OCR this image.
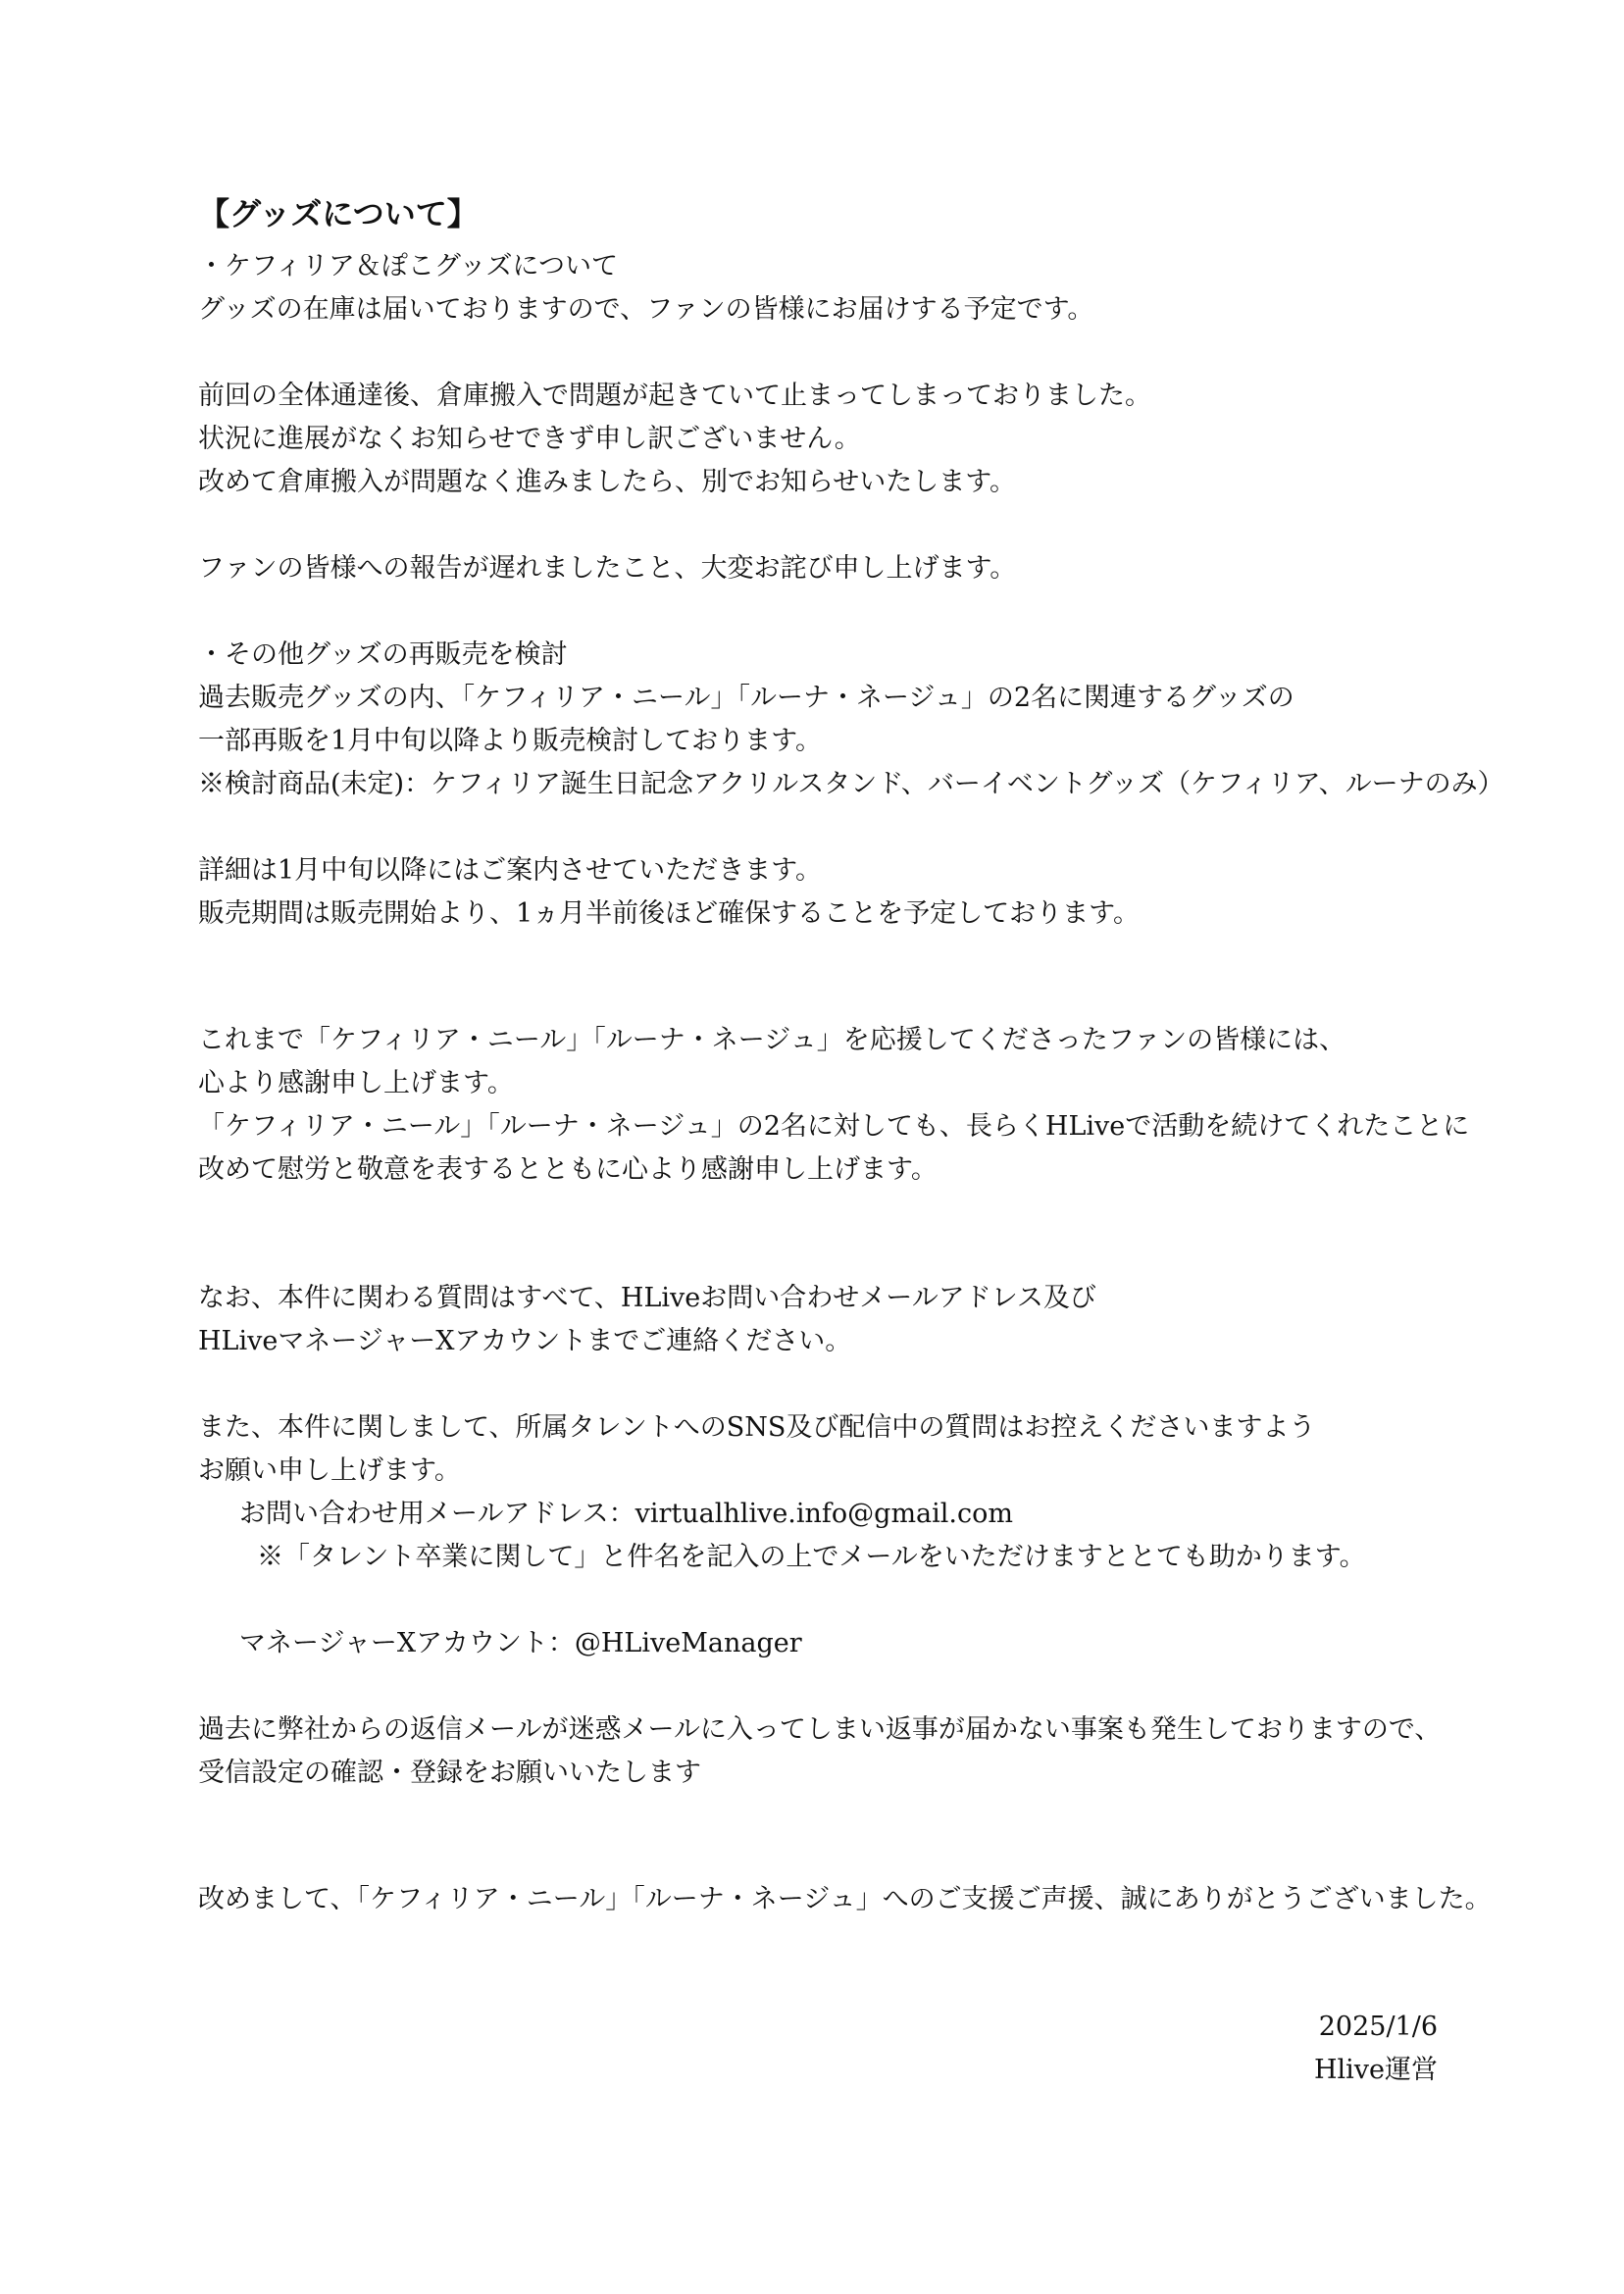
【グッズについて】
・ケフィリア＆ぽこグッズについて
グッズの在庫は届いておりますので、ファンの皆様にお届けする予定です。
前回の全体通達後、倉庫搬入で問題が起きていて止まってしまっておりました。
状況に進展がなくお知らせできず申し訳ございません。
改めて倉庫搬入が問題なく進みましたら、別でお知らせいたします。
ファンの皆様への報告が遅れましたこと、大変お詫び申し上げます。
・その他グッズの再販売を検討
過去販売グッズの内、「ケフィリア・ニール」「ルーナ・ネージュ」の2名に関連するグッズの
一部再販を1月中旬以降より販売検討しております。
※検討商品(未定)：ケフィリア誕生日記念アクリルスタンド、バーイベントグッズ（ケフィリア、ルーナのみ）
詳細は1月中旬以降にはご案内させていただきます。
販売期間は販売開始より、1ヵ月半前後ほど確保することを予定しております。
これまで「ケフィリア・ニール」「ルーナ・ネージュ」を応援してくださったファンの皆様には、
心より感謝申し上げます。
「ケフィリア・ニール」「ルーナ・ネージュ」の2名に対しても、長らくHLiveで活動を続けてくれたことに
改めて慰労と敬意を表するとともに心より感謝申し上げます。
なお、本件に関わる質問はすべて、HLiveお問い合わせメールアドレス及び
HLiveマネージャーXアカウントまでご連絡ください。
また、本件に関しまして、所属タレントへのSNS及び配信中の質問はお控えくださいますよう
お願い申し上げます。
お問い合わせ用メールアドレス：virtualhlive.info@gmail.com
※「タレント卒業に関して」と件名を記入の上でメールをいただけますととても助かります。
マネージャーXアカウント：@HLiveManager
過去に弊社からの返信メールが迷惑メールに入ってしまい返事が届かない事案も発生しておりますので、
受信設定の確認・登録をお願いいたします
改めまして、「ケフィリア・ニール」「ルーナ・ネージュ」へのご支援ご声援、誠にありがとうございました。
2025/1/6
Hlive運営
